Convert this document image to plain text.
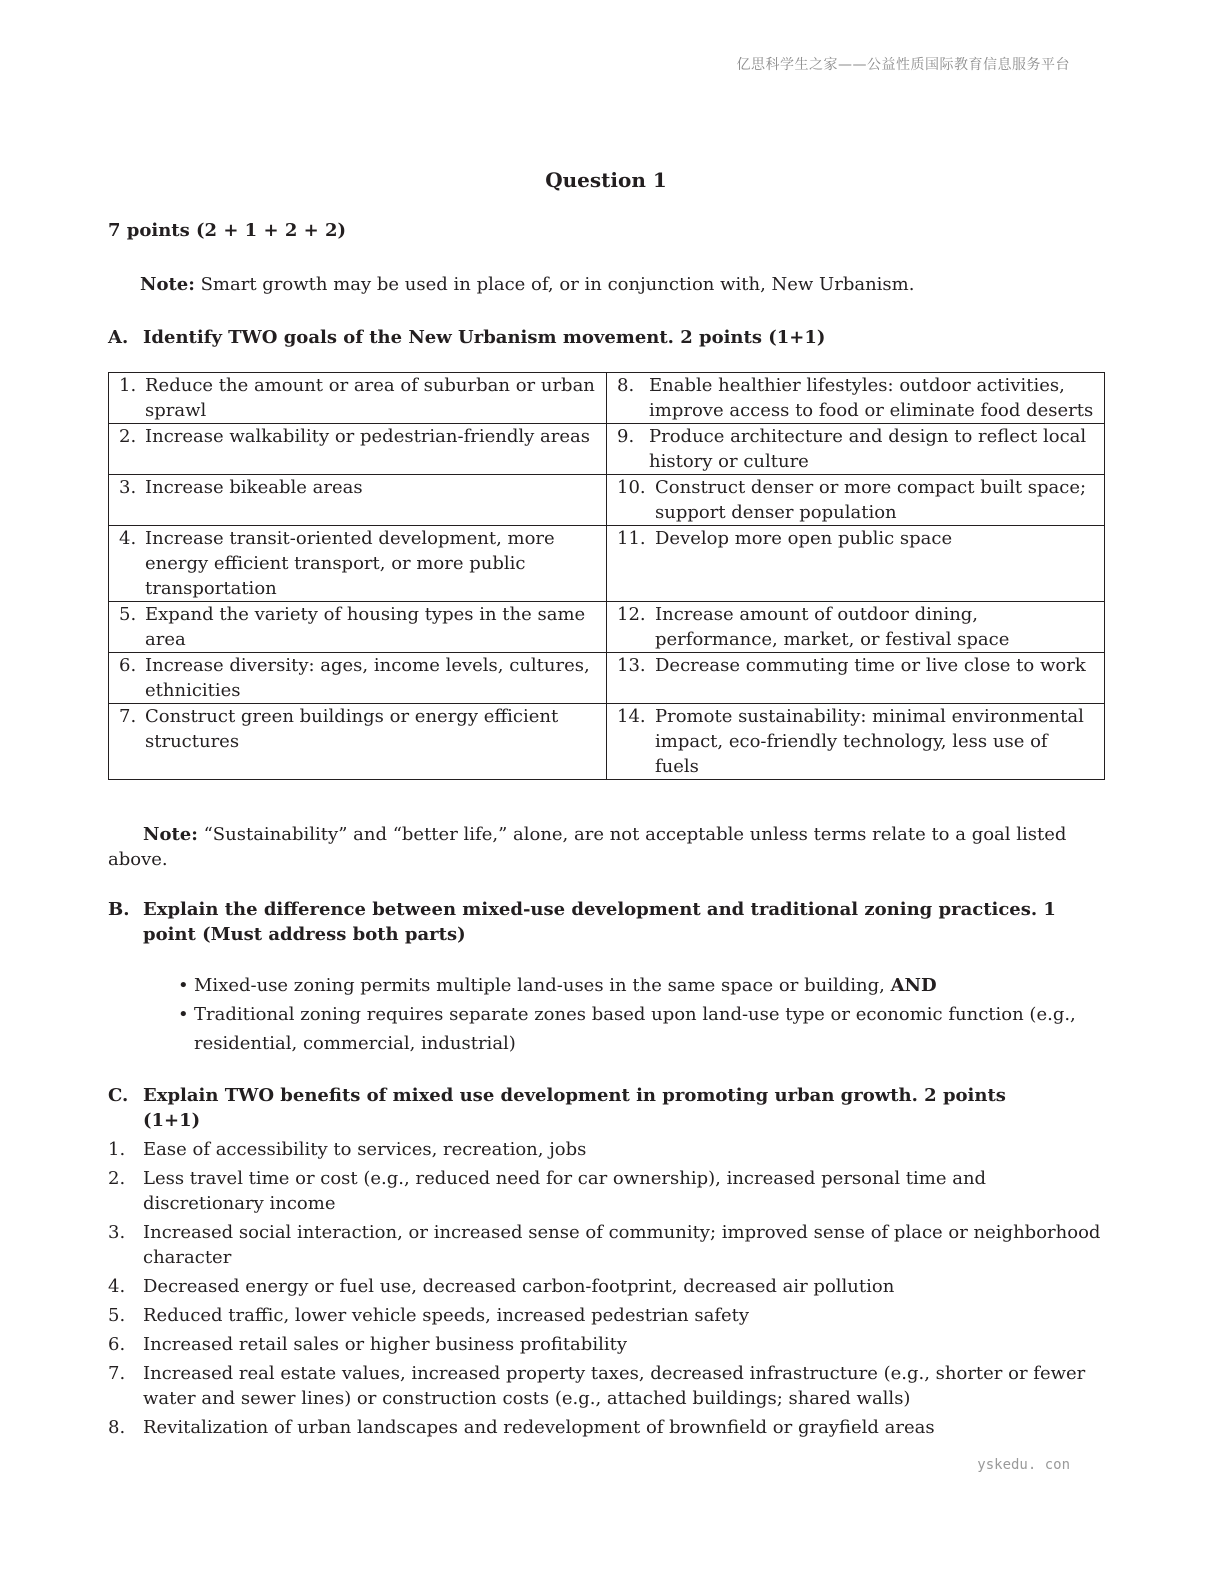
亿思科学生之家——公益性质国际教育信息服务平台
Question 1
7 points (2 + 1 + 2 + 2)
Note: Smart growth may be used in place of, or in conjunction with, New Urbanism.
A. Identify TWO goals of the New Urbanism movement. 2 points (1+1)
1. Reduce the amount or area of suburban or urban sprawl	8. Enable healthier lifestyles: outdoor activities, improve access to food or eliminate food deserts

2. Increase walkability or pedestrian-friendly areas	9. Produce architecture and design to reflect local history or culture

3. Increase bikeable areas	10. Construct denser or more compact built space; support denser population

4. Increase transit-oriented development, more energy efficient transport, or more public transportation	11. Develop more open public space

5. Expand the variety of housing types in the same area	12. Increase amount of outdoor dining, performance, market, or festival space

6. Increase diversity: ages, income levels, cultures, ethnicities	13. Decrease commuting time or live close to work

7. Construct green buildings or energy efficient structures	14. Promote sustainability: minimal environmental impact, eco-friendly technology, less use of fuels
Note: “Sustainability” and “better life,” alone, are not acceptable unless terms relate to a goal listed above.
B. Explain the difference between mixed-use development and traditional zoning practices. 1 point (Must address both parts)
• Mixed-use zoning permits multiple land-uses in the same space or building, AND
• Traditional zoning requires separate zones based upon land-use type or economic function (e.g., residential, commercial, industrial)
C. Explain TWO benefits of mixed use development in promoting urban growth. 2 points (1+1)
1. Ease of accessibility to services, recreation, jobs
2. Less travel time or cost (e.g., reduced need for car ownership), increased personal time and discretionary income
3. Increased social interaction, or increased sense of community; improved sense of place or neighborhood character
4. Decreased energy or fuel use, decreased carbon-footprint, decreased air pollution
5. Reduced traffic, lower vehicle speeds, increased pedestrian safety
6. Increased retail sales or higher business profitability
7. Increased real estate values, increased property taxes, decreased infrastructure (e.g., shorter or fewer water and sewer lines) or construction costs (e.g., attached buildings; shared walls)
8. Revitalization of urban landscapes and redevelopment of brownfield or grayfield areas
yskedu. con
